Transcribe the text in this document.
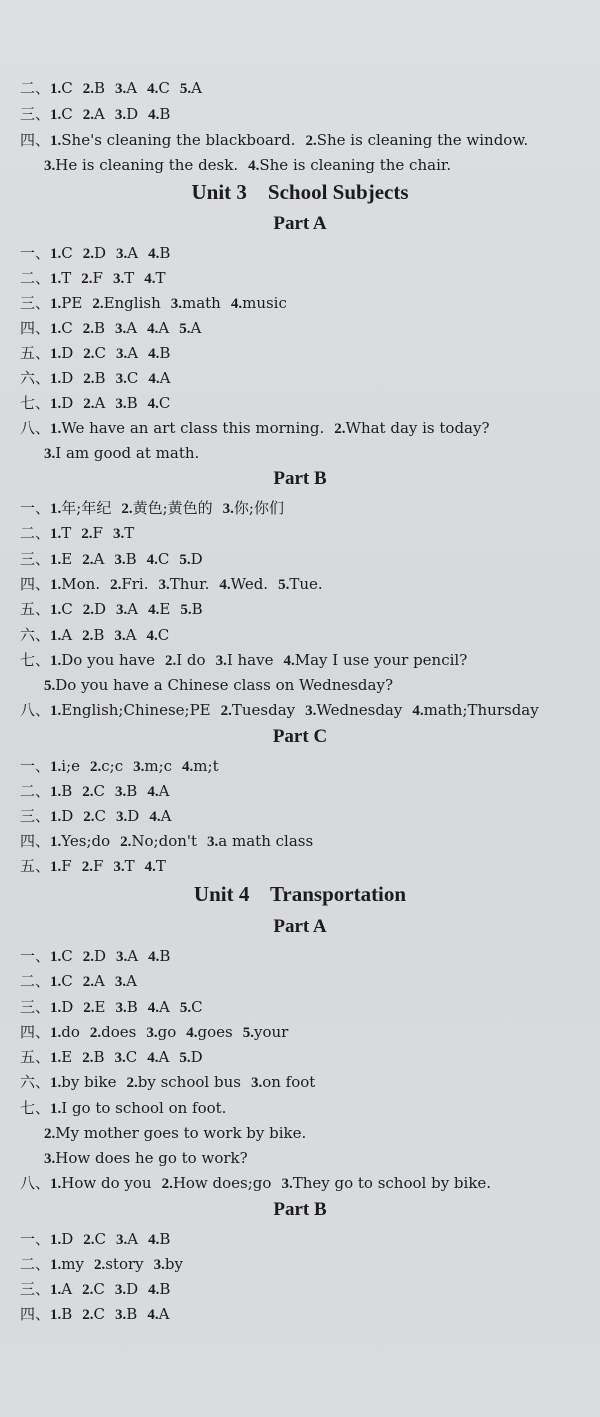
二、1.C 2.B 3.A 4.C 5.A
三、1.C 2.A 3.D 4.B
四、1.She's cleaning the blackboard. 2.She is cleaning the window.
3.He is cleaning the desk. 4.She is cleaning the chair.
Unit 3    School Subjects
Part A
一、1.C 2.D 3.A 4.B
二、1.T 2.F 3.T 4.T
三、1.PE 2.English 3.math 4.music
四、1.C 2.B 3.A 4.A 5.A
五、1.D 2.C 3.A 4.B
六、1.D 2.B 3.C 4.A
七、1.D 2.A 3.B 4.C
八、1.We have an art class this morning. 2.What day is today?
3.I am good at math.
Part B
一、1.年;年纪 2.黄色;黄色的 3.你;你们
二、1.T 2.F 3.T
三、1.E 2.A 3.B 4.C 5.D
四、1.Mon. 2.Fri. 3.Thur. 4.Wed. 5.Tue.
五、1.C 2.D 3.A 4.E 5.B
六、1.A 2.B 3.A 4.C
七、1.Do you have 2.I do 3.I have 4.May I use your pencil?
5.Do you have a Chinese class on Wednesday?
八、1.English;Chinese;PE 2.Tuesday 3.Wednesday 4.math;Thursday
Part C
一、1.i;e 2.c;c 3.m;c 4.m;t
二、1.B 2.C 3.B 4.A
三、1.D 2.C 3.D 4.A
四、1.Yes;do 2.No;don't 3.a math class
五、1.F 2.F 3.T 4.T
Unit 4    Transportation
Part A
一、1.C 2.D 3.A 4.B
二、1.C 2.A 3.A
三、1.D 2.E 3.B 4.A 5.C
四、1.do 2.does 3.go 4.goes 5.your
五、1.E 2.B 3.C 4.A 5.D
六、1.by bike 2.by school bus 3.on foot
七、1.I go to school on foot.
2.My mother goes to work by bike.
3.How does he go to work?
八、1.How do you 2.How does;go 3.They go to school by bike.
Part B
一、1.D 2.C 3.A 4.B
二、1.my 2.story 3.by
三、1.A 2.C 3.D 4.B
四、1.B 2.C 3.B 4.A
